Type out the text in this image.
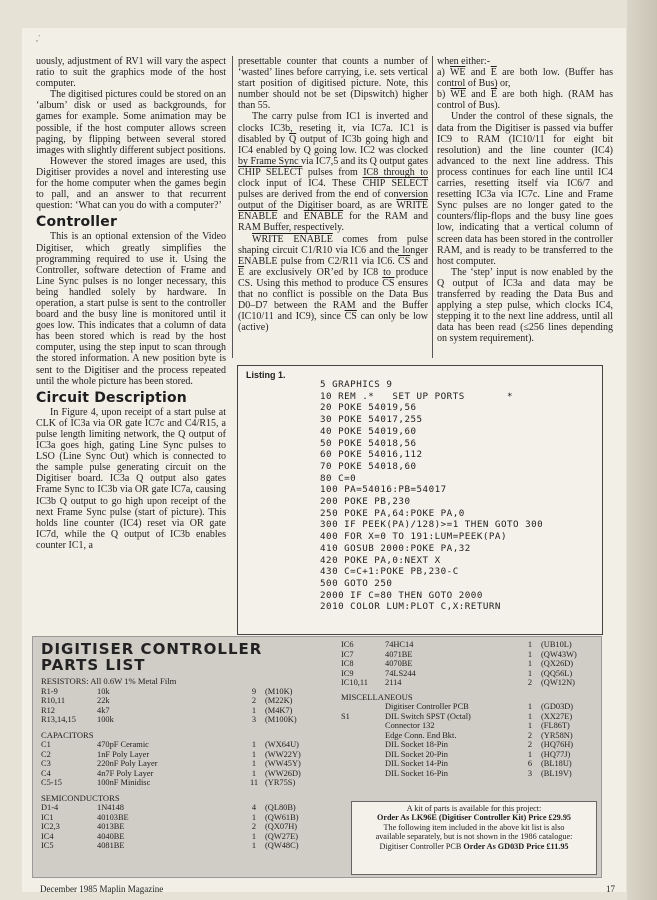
,´

uously, adjustment of RV1 will vary the aspect ratio to suit the graphics mode of the host computer.

The digitised pictures could be stored on an ‘album’ disk or used as backgrounds, for games for example. Some animation may be possible, if the host computer allows screen paging, by flipping between several stored images with slightly different subject positions.

However the stored images are used, this Digitiser provides a novel and interesting use for the home computer when the games begin to pall, and an answer to that recurrent question: ‘What can you do with a computer?’

Controller

This is an optional extension of the Video Digitiser, which greatly simplifies the programming required to use it. Using the Controller, software detection of Frame and Line Sync pulses is no longer necessary, this being handled solely by hardware. In operation, a start pulse is sent to the controller board and the busy line is monitored until it goes low. This indicates that a column of data has been stored which is read by the host computer, using the step input to scan through the stored information. A new position byte is sent to the Digitiser and the process repeated until the whole picture has been stored.

Circuit Description

In Figure 4, upon receipt of a start pulse at CLK of IC3a via OR gate IC7c and C4/R15, a pulse length limiting network, the Q output of IC3a goes high, gating Line Sync pulses to LSO (Line Sync Out) which is connected to the sample pulse generating circuit on the Digitiser board. IC3a Q output also gates Frame Sync to IC3b via OR gate IC7a, causing IC3b Q output to go high upon receipt of the next Frame Sync pulse (start of picture). This holds line counter (IC4) reset via OR gate IC7d, while the Q output of IC3b enables counter IC1, a

presettable counter that counts a number of ‘wasted’ lines before carrying, i.e. sets vertical start position of digitised picture. Note, this number should not be set (Dipswitch) higher than 55.

The carry pulse from IC1 is inverted and clocks IC3b, reseting it, via IC7a. IC1 is disabled by $\overline{Q}$ output of IC3b going high and IC4 enabled by Q going low. IC2 was clocked by Frame Sync via IC7,5 and its Q output gates CHIP SELECT pulses from IC8 through to clock input of IC4. These CHIP SELECT pulses are derived from the end of conversion output of the Digitiser board, as are WRITE ENABLE and ENABLE for the RAM and RAM Buffer, respectively.

WRITE ENABLE comes from pulse shaping circuit C1/R10 via IC6 and the longer ENABLE pulse from C2/R11 via IC6. $\overline{CS}$ and $\overline{E}$ are exclusively OR’ed by IC8 to produce CS. Using this method to produce $\overline{CS}$ ensures that no conflict is possible on the Data Bus D0–D7 between the RAM and the Buffer (IC10/11 and IC9), since $\overline{CS}$ can only be low (active)

when either:-

a) $\overline{WE}$ and $\overline{E}$ are both low. (Buffer has control of Bus) or,

b) $\overline{WE}$ and $\overline{E}$ are both high. (RAM has control of Bus).

Under the control of these signals, the data from the Digitiser is passed via buffer IC9 to RAM (IC10/11 for eight bit resolution) and the line counter (IC4) advanced to the next line address. This process continues for each line until IC4 carries, resetting itself via IC6/7 and resetting IC3a via IC7c. Line and Frame Sync pulses are no longer gated to the counters/flip-flops and the busy line goes low, indicating that a vertical column of screen data has been stored in the controller RAM, and is ready to be transferred to the host computer.

The ‘step’ input is now enabled by the Q output of IC3a and data may be transferred by reading the Data Bus and applying a step pulse, which clocks IC4, stepping it to the next line address, until all data has been read (≤256 lines depending on system requirement).

Listing 1.
5 GRAPHICS 9
10 REM .*   SET UP PORTS       *
20 POKE 54019,56
30 POKE 54017,255
40 POKE 54019,60
50 POKE 54018,56
60 POKE 54016,112
70 POKE 54018,60
80 C=0
100 PA=54016:PB=54017
200 POKE PB,230
250 POKE PA,64:POKE PA,0
300 IF PEEK(PA)/128)>=1 THEN GOTO 300
400 FOR X=0 TO 191:LUM=PEEK(PA)
410 GOSUB 2000:POKE PA,32
420 POKE PA,0:NEXT X
430 C=C+1:POKE PB,230-C
500 GOTO 250
2000 IF C=80 THEN GOTO 2000
2010 COLOR LUM:PLOT C,X:RETURN
DIGITISER CONTROLLER
PARTS LIST
RESISTORS: All 0.6W 1% Metal Film
R1-9	10k	9	(M10K)
R10,11	22k	2	(M22K)
R12	4k7	1	(M4K7)
R13,14,15	100k	3	(M100K)
CAPACITORS
C1	470pF Ceramic	1	(WX64U)
C2	1nF Poly Layer	1	(WW22Y)
C3	220nF Poly Layer	1	(WW45Y)
C4	4n7F Poly Layer	1	(WW26D)
C5-15	100nF Minidisc	11	(YR75S)
SEMICONDUCTORS
D1-4	1N4148	4	(QL80B)
IC1	40103BE	1	(QW61B)
IC2,3	4013BE	2	(QX07H)
IC4	4040BE	1	(QW27E)
IC5	4081BE	1	(QW48C)
IC6	74HC14	1	(UB10L)
IC7	4071BE	1	(QW43W)
IC8	4070BE	1	(QX26D)
IC9	74LS244	1	(QQ56L)
IC10,11	2114	2	(QW12N)
MISCELLANEOUS
	Digitiser Controller PCB	1	(GD03D)
S1	DIL Switch SPST (Octal)	1	(XX27E)
	Connector 132	1	(FL86T)
	Edge Conn. End Bkt.	2	(YR58N)
	DIL Socket 18-Pin	2	(HQ76H)
	DIL Socket 20-Pin	1	(HQ77J)
	DIL Socket 14-Pin	6	(BL18U)
	DIL Socket 16-Pin	3	(BL19V)
A kit of parts is available for this project:
Order As LK96E (Digitiser Controller Kit) Price £29.95
The following item included in the above kit list is also
available separately, but is not shown in the 1986 catalogue:
Digitiser Controller PCB Order As GD03D Price £11.95
December 1985 Maplin Magazine	17
